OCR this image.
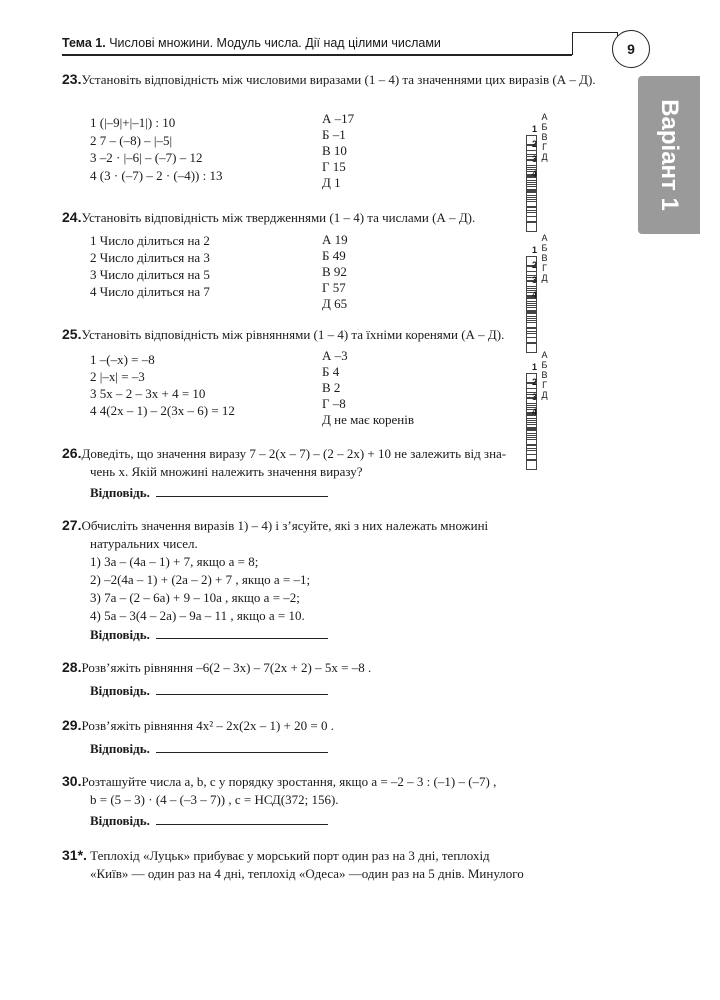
Тема 1. Числові множини. Модуль числа. Дії над цілими числами	9
Варіант 1
23.Установіть відповідність між числовими виразами (1 – 4) та значеннями цих виразів (А – Д).
1 (|–9|+|–1|) : 10
2 7 – (–8) – |–5|
3 –2 · |–6| – (–7) – 12
4 (3 · (–7) – 2 · (–4)) : 13
А –17
Б –1
В 10
Г 15
Д 1
АБВГД
1
2
3
4
24.Установіть відповідність між твердженнями (1 – 4) та числами (А – Д).
1 Число ділиться на 2
2 Число ділиться на 3
3 Число ділиться на 5
4 Число ділиться на 7
А 19
Б 49
В 92
Г 57
Д 65
АБВГД
1
2
3
4
25.Установіть відповідність між рівняннями (1 – 4) та їхніми коренями (А – Д).
1 –(–x) = –8
2 |–x| = –3
3 5x – 2 – 3x + 4 = 10
4 4(2x – 1) – 2(3x – 6) = 12
А –3
Б 4
В 2
Г –8
Д не має коренів
АБВГД
1
2
3
4
26.Доведіть, що значення виразу 7 – 2(x – 7) – (2 – 2x) + 10 не залежить від зна-
чень x. Якій множині належить значення виразу?
Відповідь.
27.Обчисліть значення виразів 1) – 4) і з’ясуйте, які з них належать множині
натуральних чисел.
1) 3a – (4a – 1) + 7, якщо a = 8;
2) –2(4a – 1) + (2a – 2) + 7 , якщо a = –1;
3) 7a – (2 – 6a) + 9 – 10a , якщо a = –2;
4) 5a – 3(4 – 2a) – 9a – 11 , якщо a = 10.
Відповідь.
28.Розв’яжіть рівняння –6(2 – 3x) – 7(2x + 2) – 5x = –8 .
Відповідь.
29.Розв’яжіть рівняння 4x² – 2x(2x – 1) + 20 = 0 .
Відповідь.
30.Розташуйте числа a, b, c у порядку зростання, якщо a = –2 – 3 : (–1) – (–7) ,
b = (5 – 3) · (4 – (–3 – 7)) , c = НСД(372; 156).
Відповідь.
31*. Теплохід «Луцьк» прибуває у морський порт один раз на 3 дні, теплохід
«Київ» — один раз на 4 дні, теплохід «Одеса» —один раз на 5 днів. Минулого
